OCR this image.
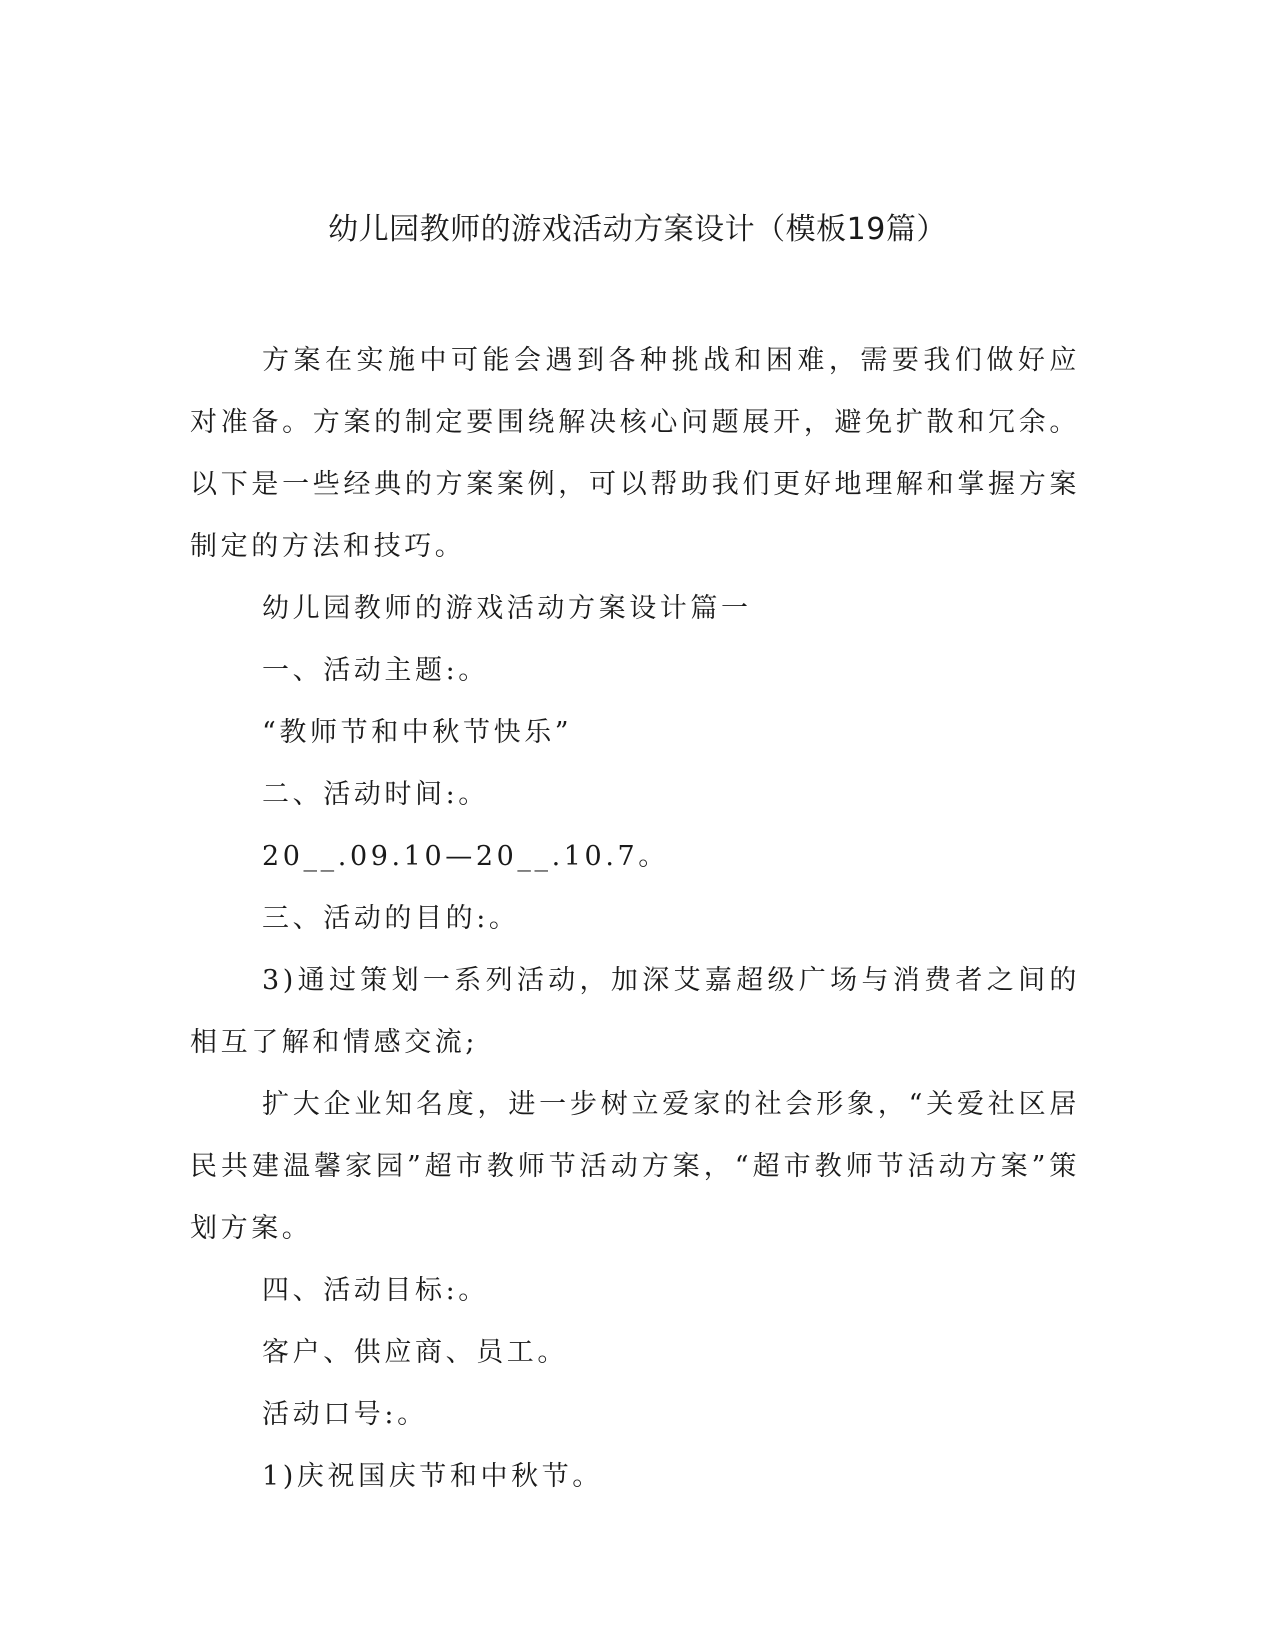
幼儿园教师的游戏活动方案设计（模板19篇）

方案在实施中可能会遇到各种挑战和困难，需要我们做好应对准备。方案的制定要围绕解决核心问题展开，避免扩散和冗余。以下是一些经典的方案案例，可以帮助我们更好地理解和掌握方案制定的方法和技巧。

幼儿园教师的游戏活动方案设计篇一

一、活动主题:。

“教师节和中秋节快乐”

二、活动时间:。

20__.09.10—20__.10.7。

三、活动的目的:。

3)通过策划一系列活动，加深艾嘉超级广场与消费者之间的相互了解和情感交流;

扩大企业知名度，进一步树立爱家的社会形象，“关爱社区居民共建温馨家园”超市教师节活动方案，“超市教师节活动方案”策划方案。

四、活动目标:。

客户、供应商、员工。

活动口号:。

1)庆祝国庆节和中秋节。
